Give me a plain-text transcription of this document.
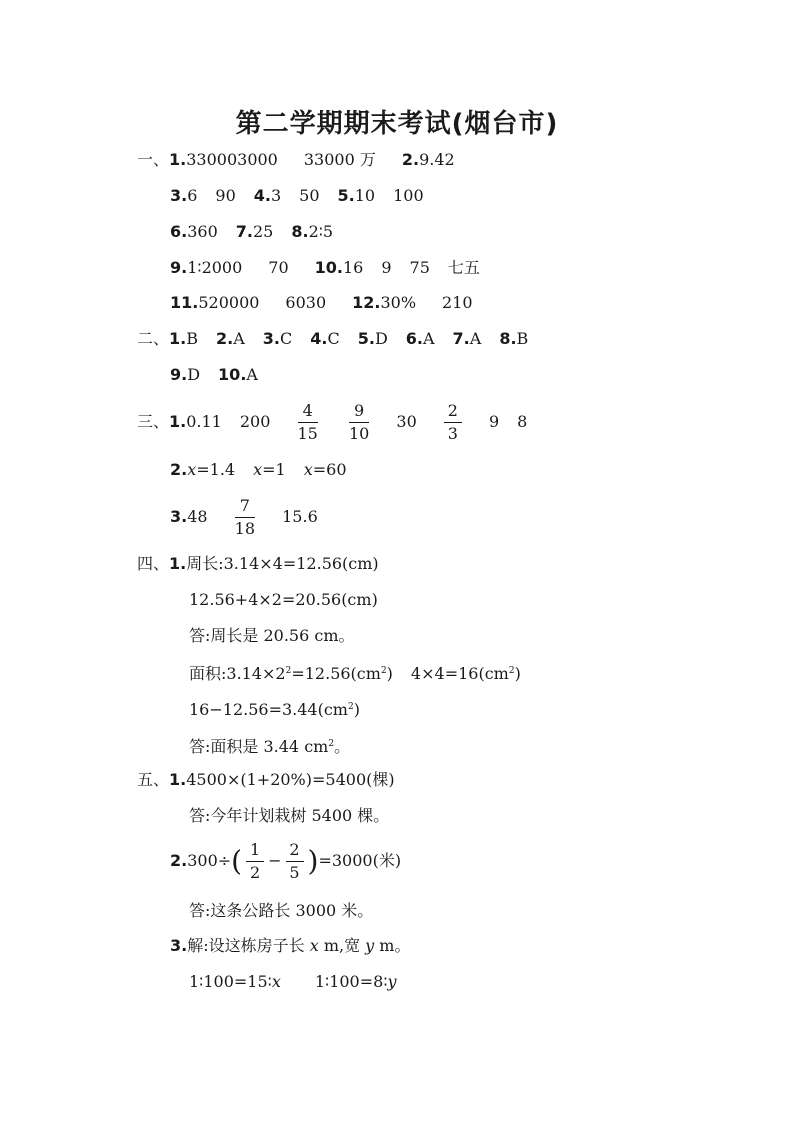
第二学期期末考试(烟台市)
一、1.330003000 33000 万 2.9.42
3.6 90 4.3 50 5.10 100
6.360 7.25 8.2∶5
9.1∶2000 70 10.16 9 75 七五
11.520000 6030 12.30% 210
二、1.B 2.A 3.C 4.C 5.D 6.A 7.A 8.B
9.D 10.A
三、1.0.11 $200 \frac{4}{15}$
$\frac{9}{10} 30 \frac{2}{3} 9$ 8
2.x=1.4 x=1 x=60
$3.48 \frac{7}{18} 15.6$
四、1.周长:3.14×4=12.56(cm)
12.56+4×2=20.56(cm)
答:周长是 20.56 cm。
面积$:3.14\times 2^2=12.56(cm^2)$ $4\times 4=16(cm^2)$
$16-12.56=3.44(cm^2)$
答:面积是 3.44 $cm^2$。
五、1.4500×(1+20%)=5400(棵)
答:今年计划栽树 5400 棵。
$2.300\div( \frac{1}{2} - \frac{2}{5} )=3000$(米)
答:这条公路长 3000 米。
3.解:设这栋房子长 x m,宽 y m。
1∶100=15∶x 1∶100=8∶y
